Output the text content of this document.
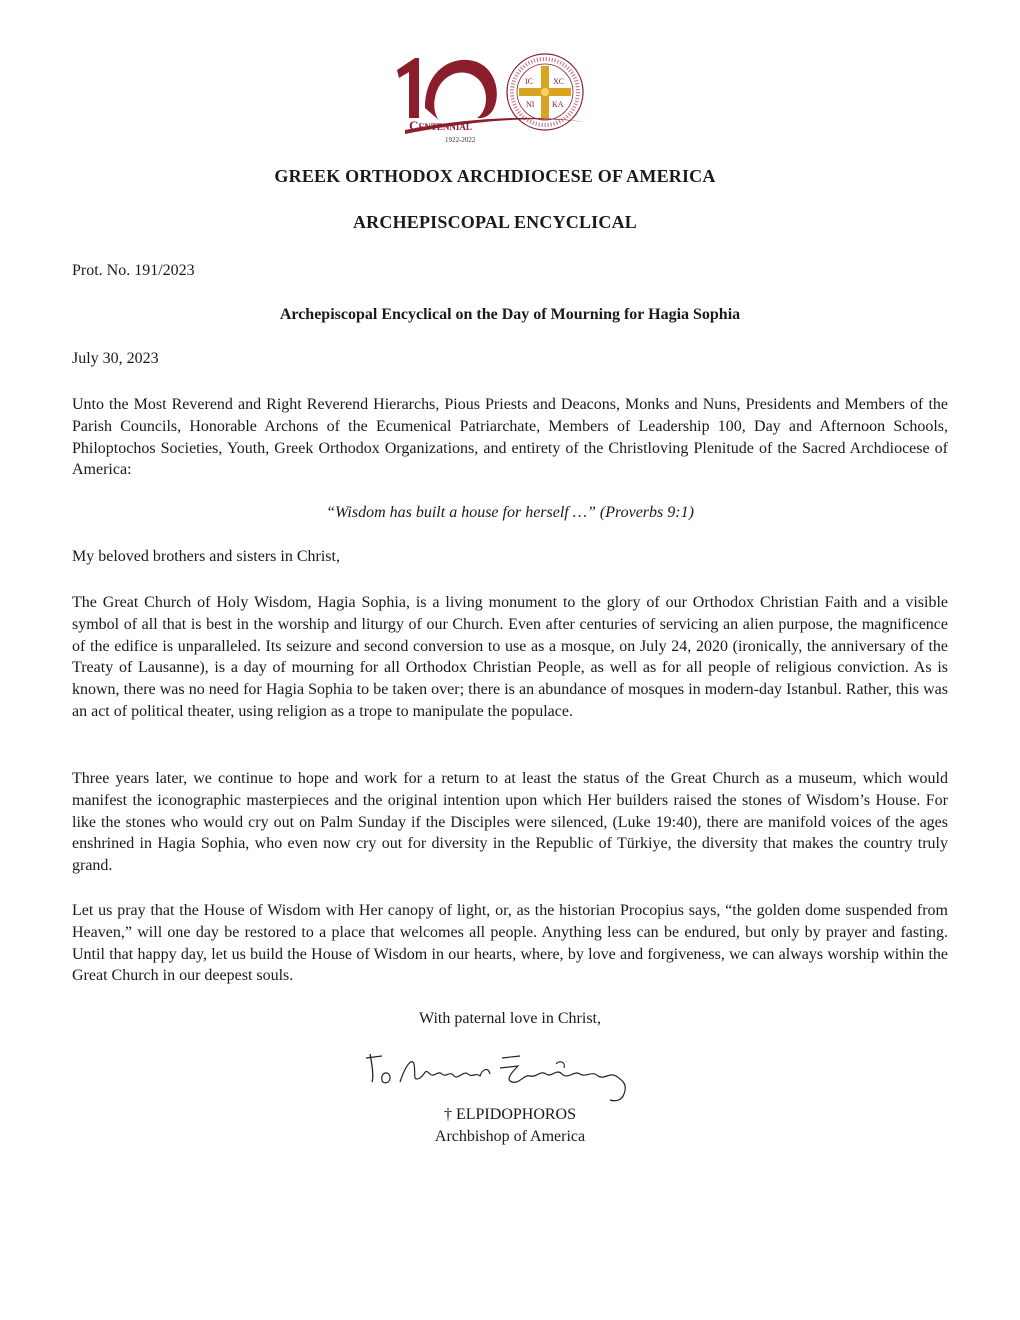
Centennial
1922-2022
IC	XC
NI KA
GREEK ORTHODOX ARCHDIOCESE OF AMERICA
ARCHEPISCOPAL ENCYCLICAL
Prot. No. 191/2023
Archepiscopal Encyclical on the Day of Mourning for Hagia Sophia
July 30, 2023

Unto the Most Reverend and Right Reverend Hierarchs, Pious Priests and Deacons, Monks and Nuns, Presidents and Members of the Parish Councils, Honorable Archons of the Ecumenical Patriarchate, Members of Leadership 100, Day and Afternoon Schools, Philoptochos Societies, Youth, Greek Orthodox Organizations, and entirety of the Christloving Plenitude of the Sacred Archdiocese of America:

“Wisdom has built a house for herself …” (Proverbs 9:1)
My beloved brothers and sisters in Christ,

The Great Church of Holy Wisdom, Hagia Sophia, is a living monument to the glory of our Orthodox Christian Faith and a visible symbol of all that is best in the worship and liturgy of our Church. Even after centuries of servicing an alien purpose, the magnificence of the edifice is unparalleled. Its seizure and second conversion to use as a mosque, on July 24, 2020 (ironically, the anniversary of the Treaty of Lausanne), is a day of mourning for all Orthodox Christian People, as well as for all people of religious conviction. As is known, there was no need for Hagia Sophia to be taken over; there is an abundance of mosques in modern-day Istanbul. Rather, this was an act of political theater, using religion as a trope to manipulate the populace.

Three years later, we continue to hope and work for a return to at least the status of the Great Church as a museum, which would manifest the iconographic masterpieces and the original intention upon which Her builders raised the stones of Wisdom’s House. For like the stones who would cry out on Palm Sunday if the Disciples were silenced, (Luke 19:40), there are manifold voices of the ages enshrined in Hagia Sophia, who even now cry out for diversity in the Republic of Türkiye, the diversity that makes the country truly grand.

Let us pray that the House of Wisdom with Her canopy of light, or, as the historian Procopius says, “the golden dome suspended from Heaven,” will one day be restored to a place that welcomes all people. Anything less can be endured, but only by prayer and fasting. Until that happy day, let us build the House of Wisdom in our hearts, where, by love and forgiveness, we can always worship within the Great Church in our deepest souls.

With paternal love in Christ,
† ELPIDOPHOROS
Archbishop of America
